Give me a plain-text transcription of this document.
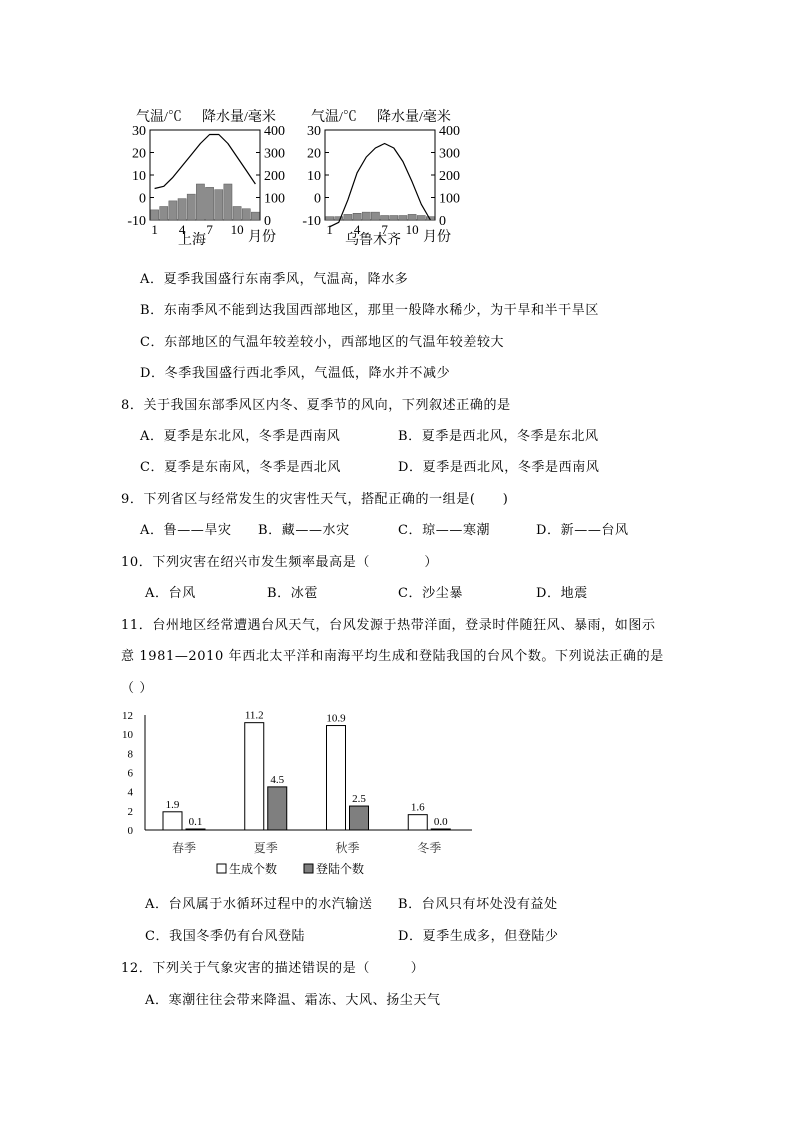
气温/℃ 降水量/毫米
30
20
10
0
-10
400
300
200
100
0
1 4 7 10
月份
上海
气温/℃ 降水量/毫米
30
20
10
0
-10
400
300
200
100
0
1 4 7 10
月份
乌鲁木齐
A．夏季我国盛行东南季风，气温高，降水多
B．东南季风不能到达我国西部地区，那里一般降水稀少，为干旱和半干旱区
C．东部地区的气温年较差较小，西部地区的气温年较差较大
D．冬季我国盛行西北季风，气温低，降水并不减少
8．关于我国东部季风区内冬、夏季节的风向，下列叙述正确的是
A．夏季是东北风，冬季是西南风	B．夏季是西北风，冬季是东北风
C．夏季是东南风，冬季是西北风	D．夏季是西北风，冬季是西南风
9．下列省区与经常发生的灾害性天气，搭配正确的一组是(　　)
A．鲁——旱灾 B．藏——水灾	C．琼——寒潮	D．新——台风
10．下列灾害在绍兴市发生频率最高是（　　　　）
A．台风	B．冰雹	C．沙尘暴	D．地震
11．台州地区经常遭遇台风天气，台风发源于热带洋面，登录时伴随狂风、暴雨，如图示
意 1981—2010 年西北太平洋和南海平均生成和登陆我国的台风个数。下列说法正确的是
（ ）
12
10
8
6
4
2
0
1.9
0.1
春季
11.2
4.5
夏季
10.9
2.5
秋季
1.6
0.0
冬季
生成个数	登陆个数
A．台风属于水循环过程中的水汽输送 B．台风只有坏处没有益处
C．我国冬季仍有台风登陆	D．夏季生成多，但登陆少
12．下列关于气象灾害的描述错误的是（　　　）
A．寒潮往往会带来降温、霜冻、大风、扬尘天气
